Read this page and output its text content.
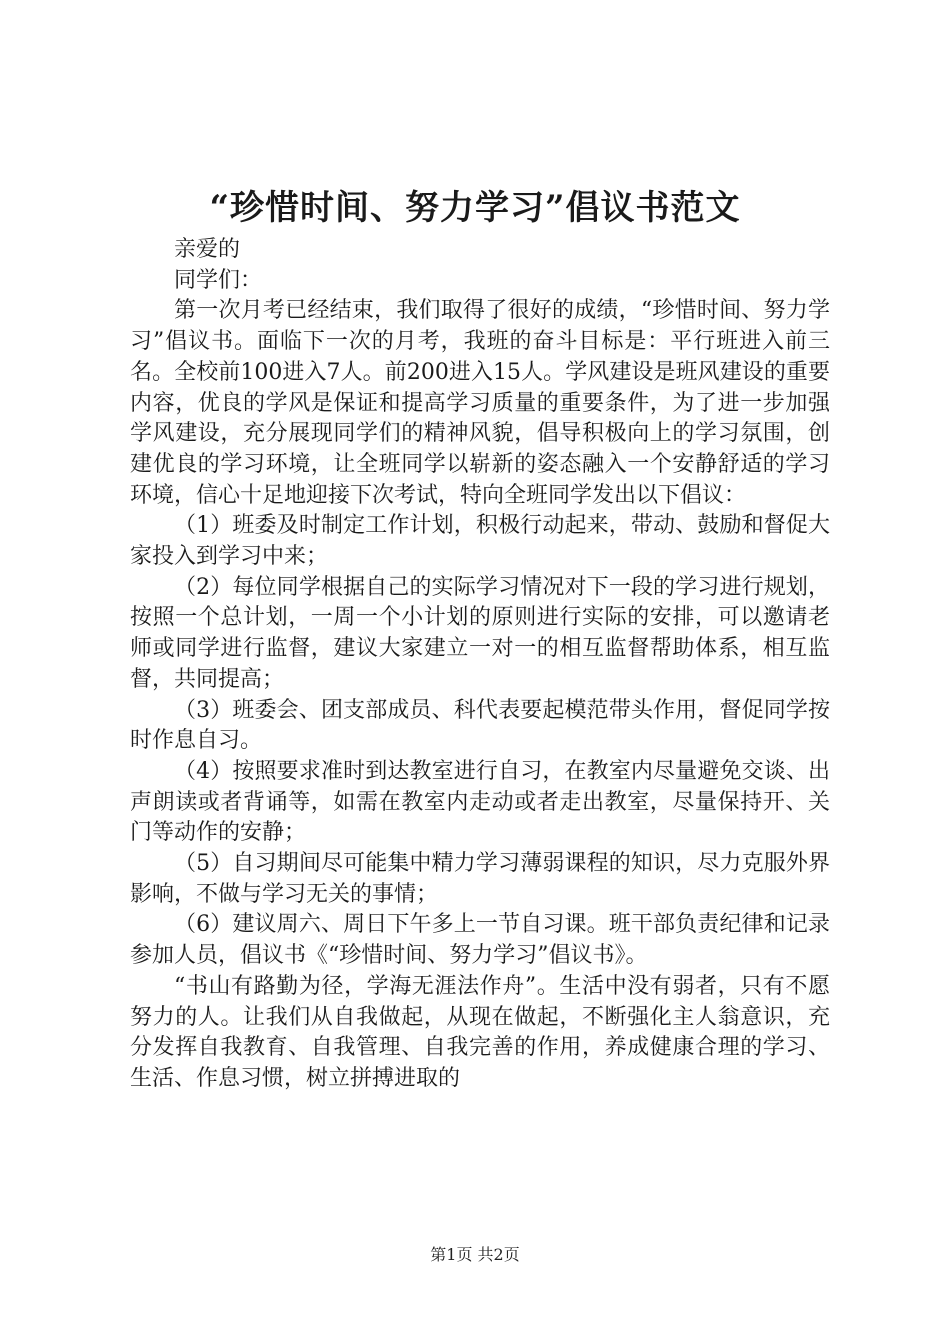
“珍惜时间、努力学习”倡议书范文

亲爱的

同学们：

第一次月考已经结束，我们取得了很好的成绩，“珍惜时间、努力学习”倡议书。面临下一次的月考，我班的奋斗目标是：平行班进入前三名。全校前100进入7人。前200进入15人。学风建设是班风建设的重要内容，优良的学风是保证和提高学习质量的重要条件，为了进一步加强学风建设，充分展现同学们的精神风貌，倡导积极向上的学习氛围，创建优良的学习环境，让全班同学以崭新的姿态融入一个安静舒适的学习环境，信心十足地迎接下次考试，特向全班同学发出以下倡议：

（1）班委及时制定工作计划，积极行动起来，带动、鼓励和督促大家投入到学习中来；

（2）每位同学根据自己的实际学习情况对下一段的学习进行规划，按照一个总计划，一周一个小计划的原则进行实际的安排，可以邀请老师或同学进行监督，建议大家建立一对一的相互监督帮助体系，相互监督，共同提高；

（3）班委会、团支部成员、科代表要起模范带头作用，督促同学按时作息自习。

（4）按照要求准时到达教室进行自习，在教室内尽量避免交谈、出声朗读或者背诵等，如需在教室内走动或者走出教室，尽量保持开、关门等动作的安静；

（5）自习期间尽可能集中精力学习薄弱课程的知识，尽力克服外界影响，不做与学习无关的事情；

（6）建议周六、周日下午多上一节自习课。班干部负责纪律和记录参加人员，倡议书《“珍惜时间、努力学习”倡议书》。

“书山有路勤为径，学海无涯法作舟”。生活中没有弱者，只有不愿努力的人。让我们从自我做起，从现在做起，不断强化主人翁意识，充分发挥自我教育、自我管理、自我完善的作用，养成健康合理的学习、生活、作息习惯，树立拼搏进取的

第1页 共2页
